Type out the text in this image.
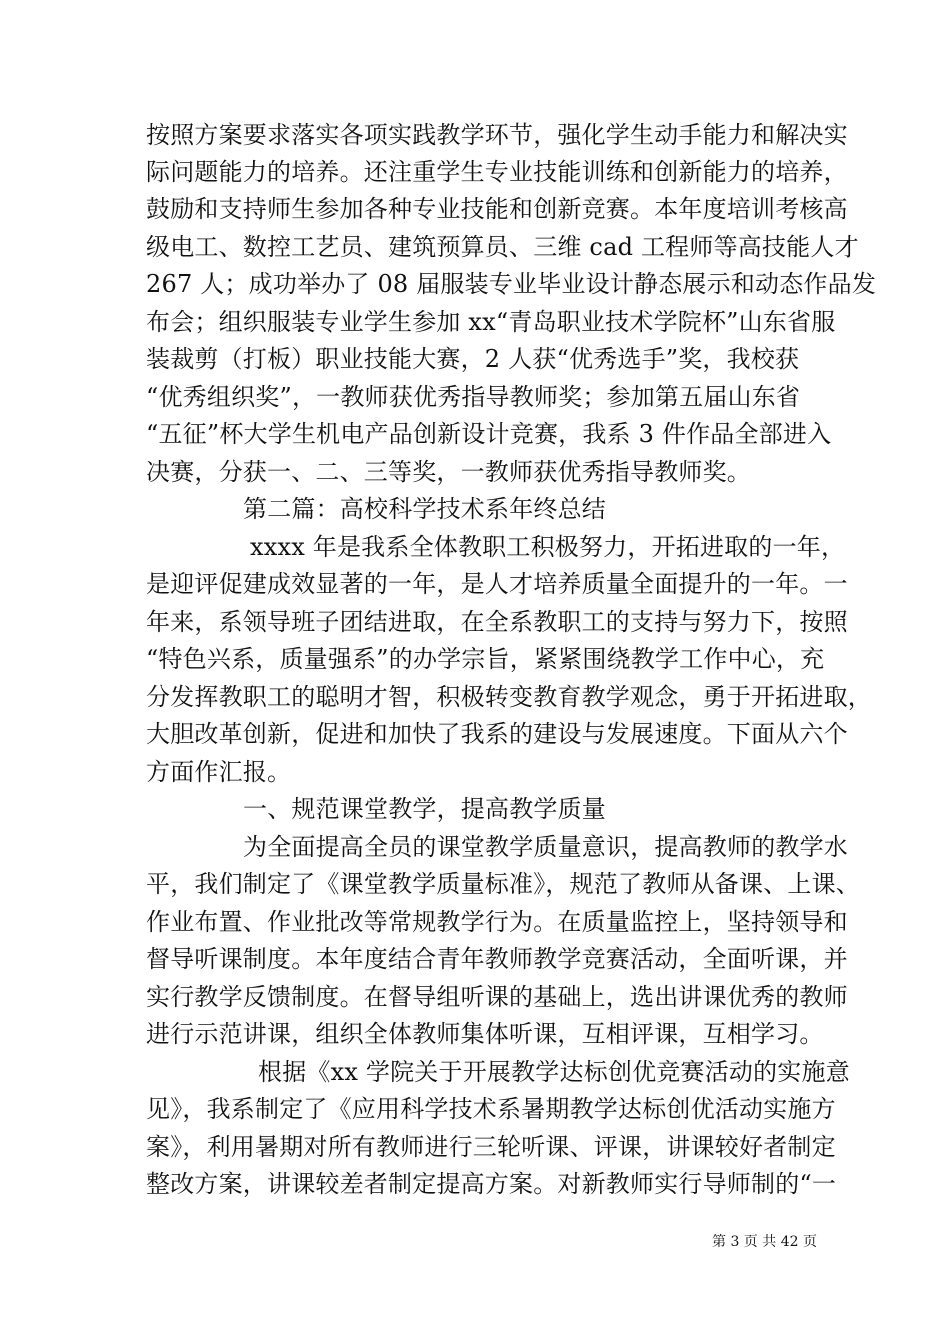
按照方案要求落实各项实践教学环节，强化学生动手能力和解决实
际问题能力的培养。还注重学生专业技能训练和创新能力的培养，
鼓励和支持师生参加各种专业技能和创新竞赛。本年度培训考核高
级电工、数控工艺员、建筑预算员、三维 cad 工程师等高技能人才
267 人；成功举办了 08 届服装专业毕业设计静态展示和动态作品发
布会；组织服装专业学生参加 xx“青岛职业技术学院杯”山东省服
装裁剪（打板）职业技能大赛，2 人获“优秀选手”奖，我校获
“优秀组织奖”，一教师获优秀指导教师奖；参加第五届山东省
“五征”杯大学生机电产品创新设计竞赛，我系 3 件作品全部进入
决赛，分获一、二、三等奖，一教师获优秀指导教师奖。
第二篇：高校科学技术系年终总结
xxxx 年是我系全体教职工积极努力，开拓进取的一年，
是迎评促建成效显著的一年，是人才培养质量全面提升的一年。一
年来，系领导班子团结进取，在全系教职工的支持与努力下，按照
“特色兴系，质量强系”的办学宗旨，紧紧围绕教学工作中心，充
分发挥教职工的聪明才智，积极转变教育教学观念，勇于开拓进取，
大胆改革创新，促进和加快了我系的建设与发展速度。下面从六个
方面作汇报。
一、规范课堂教学，提高教学质量
为全面提高全员的课堂教学质量意识，提高教师的教学水
平，我们制定了《课堂教学质量标准》，规范了教师从备课、上课、
作业布置、作业批改等常规教学行为。在质量监控上，坚持领导和
督导听课制度。本年度结合青年教师教学竞赛活动，全面听课，并
实行教学反馈制度。在督导组听课的基础上，选出讲课优秀的教师
进行示范讲课，组织全体教师集体听课，互相评课，互相学习。
根据《xx 学院关于开展教学达标创优竞赛活动的实施意
见》，我系制定了《应用科学技术系暑期教学达标创优活动实施方
案》，利用暑期对所有教师进行三轮听课、评课，讲课较好者制定
整改方案，讲课较差者制定提高方案。对新教师实行导师制的“一
第 3 页 共 42 页
